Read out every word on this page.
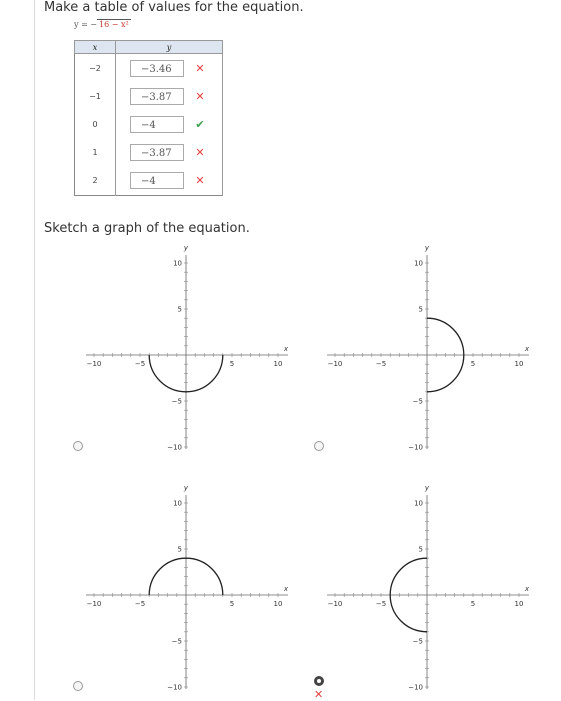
Make a table of values for the equation.
y = − 16 − x²
x	y
−2	−3.46 ✕

−1	−3.87 ✕

0	−4 ✔

1	−3.87 ✕

2	−4 ✕
Sketch a graph of the equation.
−10	−5	5	10
10
5
−5
−10
x
y
−10	−5	5	10
10
5
−5
−10
x
y
−10	−5	5	10
10
5
−5
−10
x
y
−10	−5	5	10
10
5
−5
−10
x
y
✕
